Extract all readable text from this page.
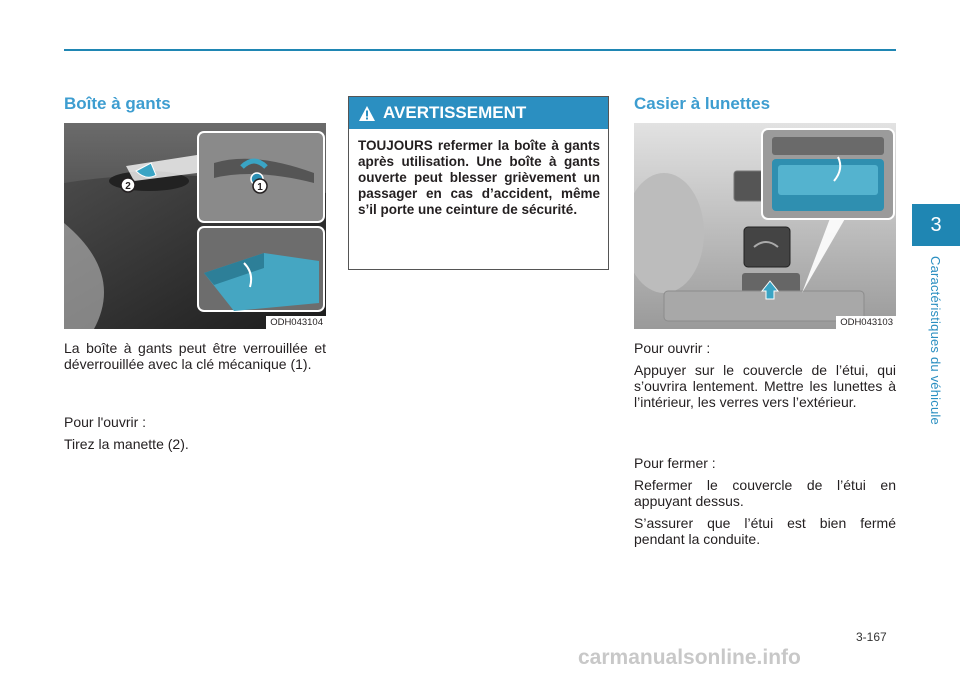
Boîte à gants
2	1
ODH043104

La boîte à gants peut être verrouillée et déverrouillée avec la clé mécanique (1).

Pour l'ouvrir :

Tirez la manette (2).

AVERTISSEMENT
TOUJOURS refermer la boîte à gants après utilisation. Une boîte à gants ouverte peut blesser grièvement un passager en cas d’accident, même s’il porte une ceinture de sécurité.
Casier à lunettes
ODH043103

Pour ouvrir :

Appuyer sur le couvercle de l’étui, qui s’ouvrira lentement. Mettre les lunettes à l’intérieur, les verres vers l’extérieur.

Pour fermer :

Refermer le couvercle de l’étui en appuyant dessus.

S’assurer que l’étui est bien fermé pendant la conduite.

3
Caractéristiques du véhicule
3-167
carmanualsonline.info
